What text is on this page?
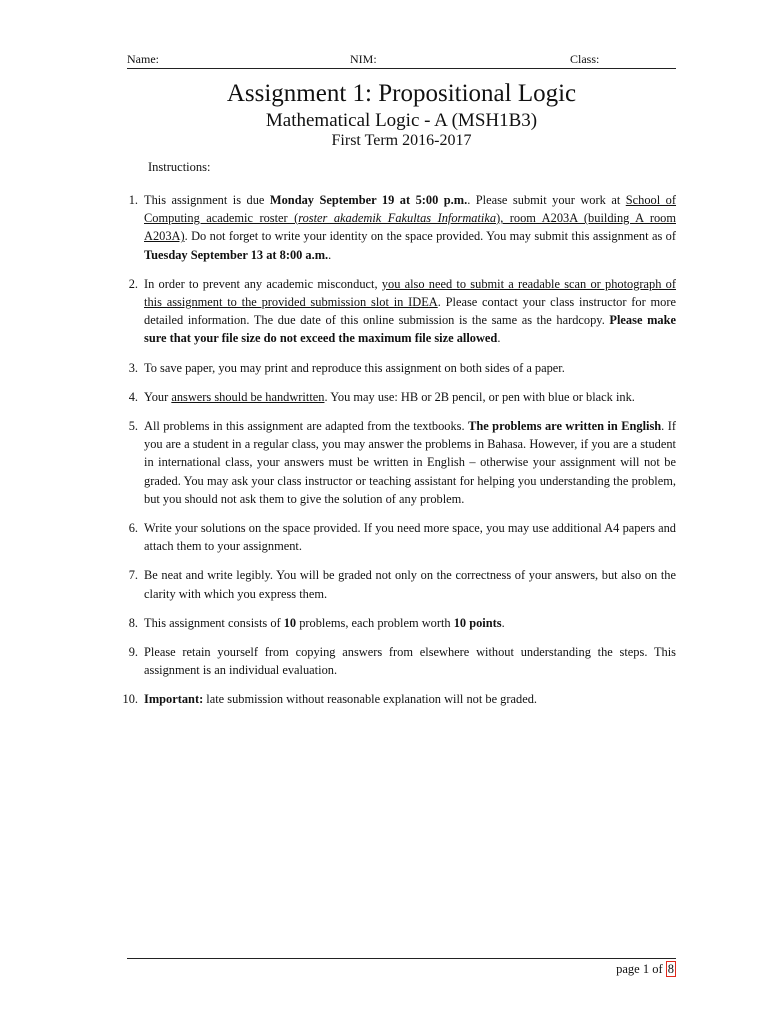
Name:	NIM:	Class:
Assignment 1: Propositional Logic
Mathematical Logic - A (MSH1B3)
First Term 2016-2017
Instructions:
1. This assignment is due Monday September 19 at 5:00 p.m.. Please submit your work at School of Computing academic roster (roster akademik Fakultas Informatika), room A203A (building A room A203A). Do not forget to write your identity on the space provided. You may submit this assignment as of Tuesday September 13 at 8:00 a.m..
2. In order to prevent any academic misconduct, you also need to submit a readable scan or photograph of this assignment to the provided submission slot in IDEA. Please contact your class instructor for more detailed information. The due date of this online submission is the same as the hardcopy. Please make sure that your file size do not exceed the maximum file size allowed.
3. To save paper, you may print and reproduce this assignment on both sides of a paper.
4. Your answers should be handwritten. You may use: HB or 2B pencil, or pen with blue or black ink.
5. All problems in this assignment are adapted from the textbooks. The problems are written in English. If you are a student in a regular class, you may answer the problems in Bahasa. However, if you are a student in international class, your answers must be written in English – otherwise your assignment will not be graded. You may ask your class instructor or teaching assistant for helping you understanding the problem, but you should not ask them to give the solution of any problem.
6. Write your solutions on the space provided. If you need more space, you may use additional A4 papers and attach them to your assignment.
7. Be neat and write legibly. You will be graded not only on the correctness of your answers, but also on the clarity with which you express them.
8. This assignment consists of 10 problems, each problem worth 10 points.
9. Please retain yourself from copying answers from elsewhere without understanding the steps. This assignment is an individual evaluation.
10. Important: late submission without reasonable explanation will not be graded.
page 1 of 8
